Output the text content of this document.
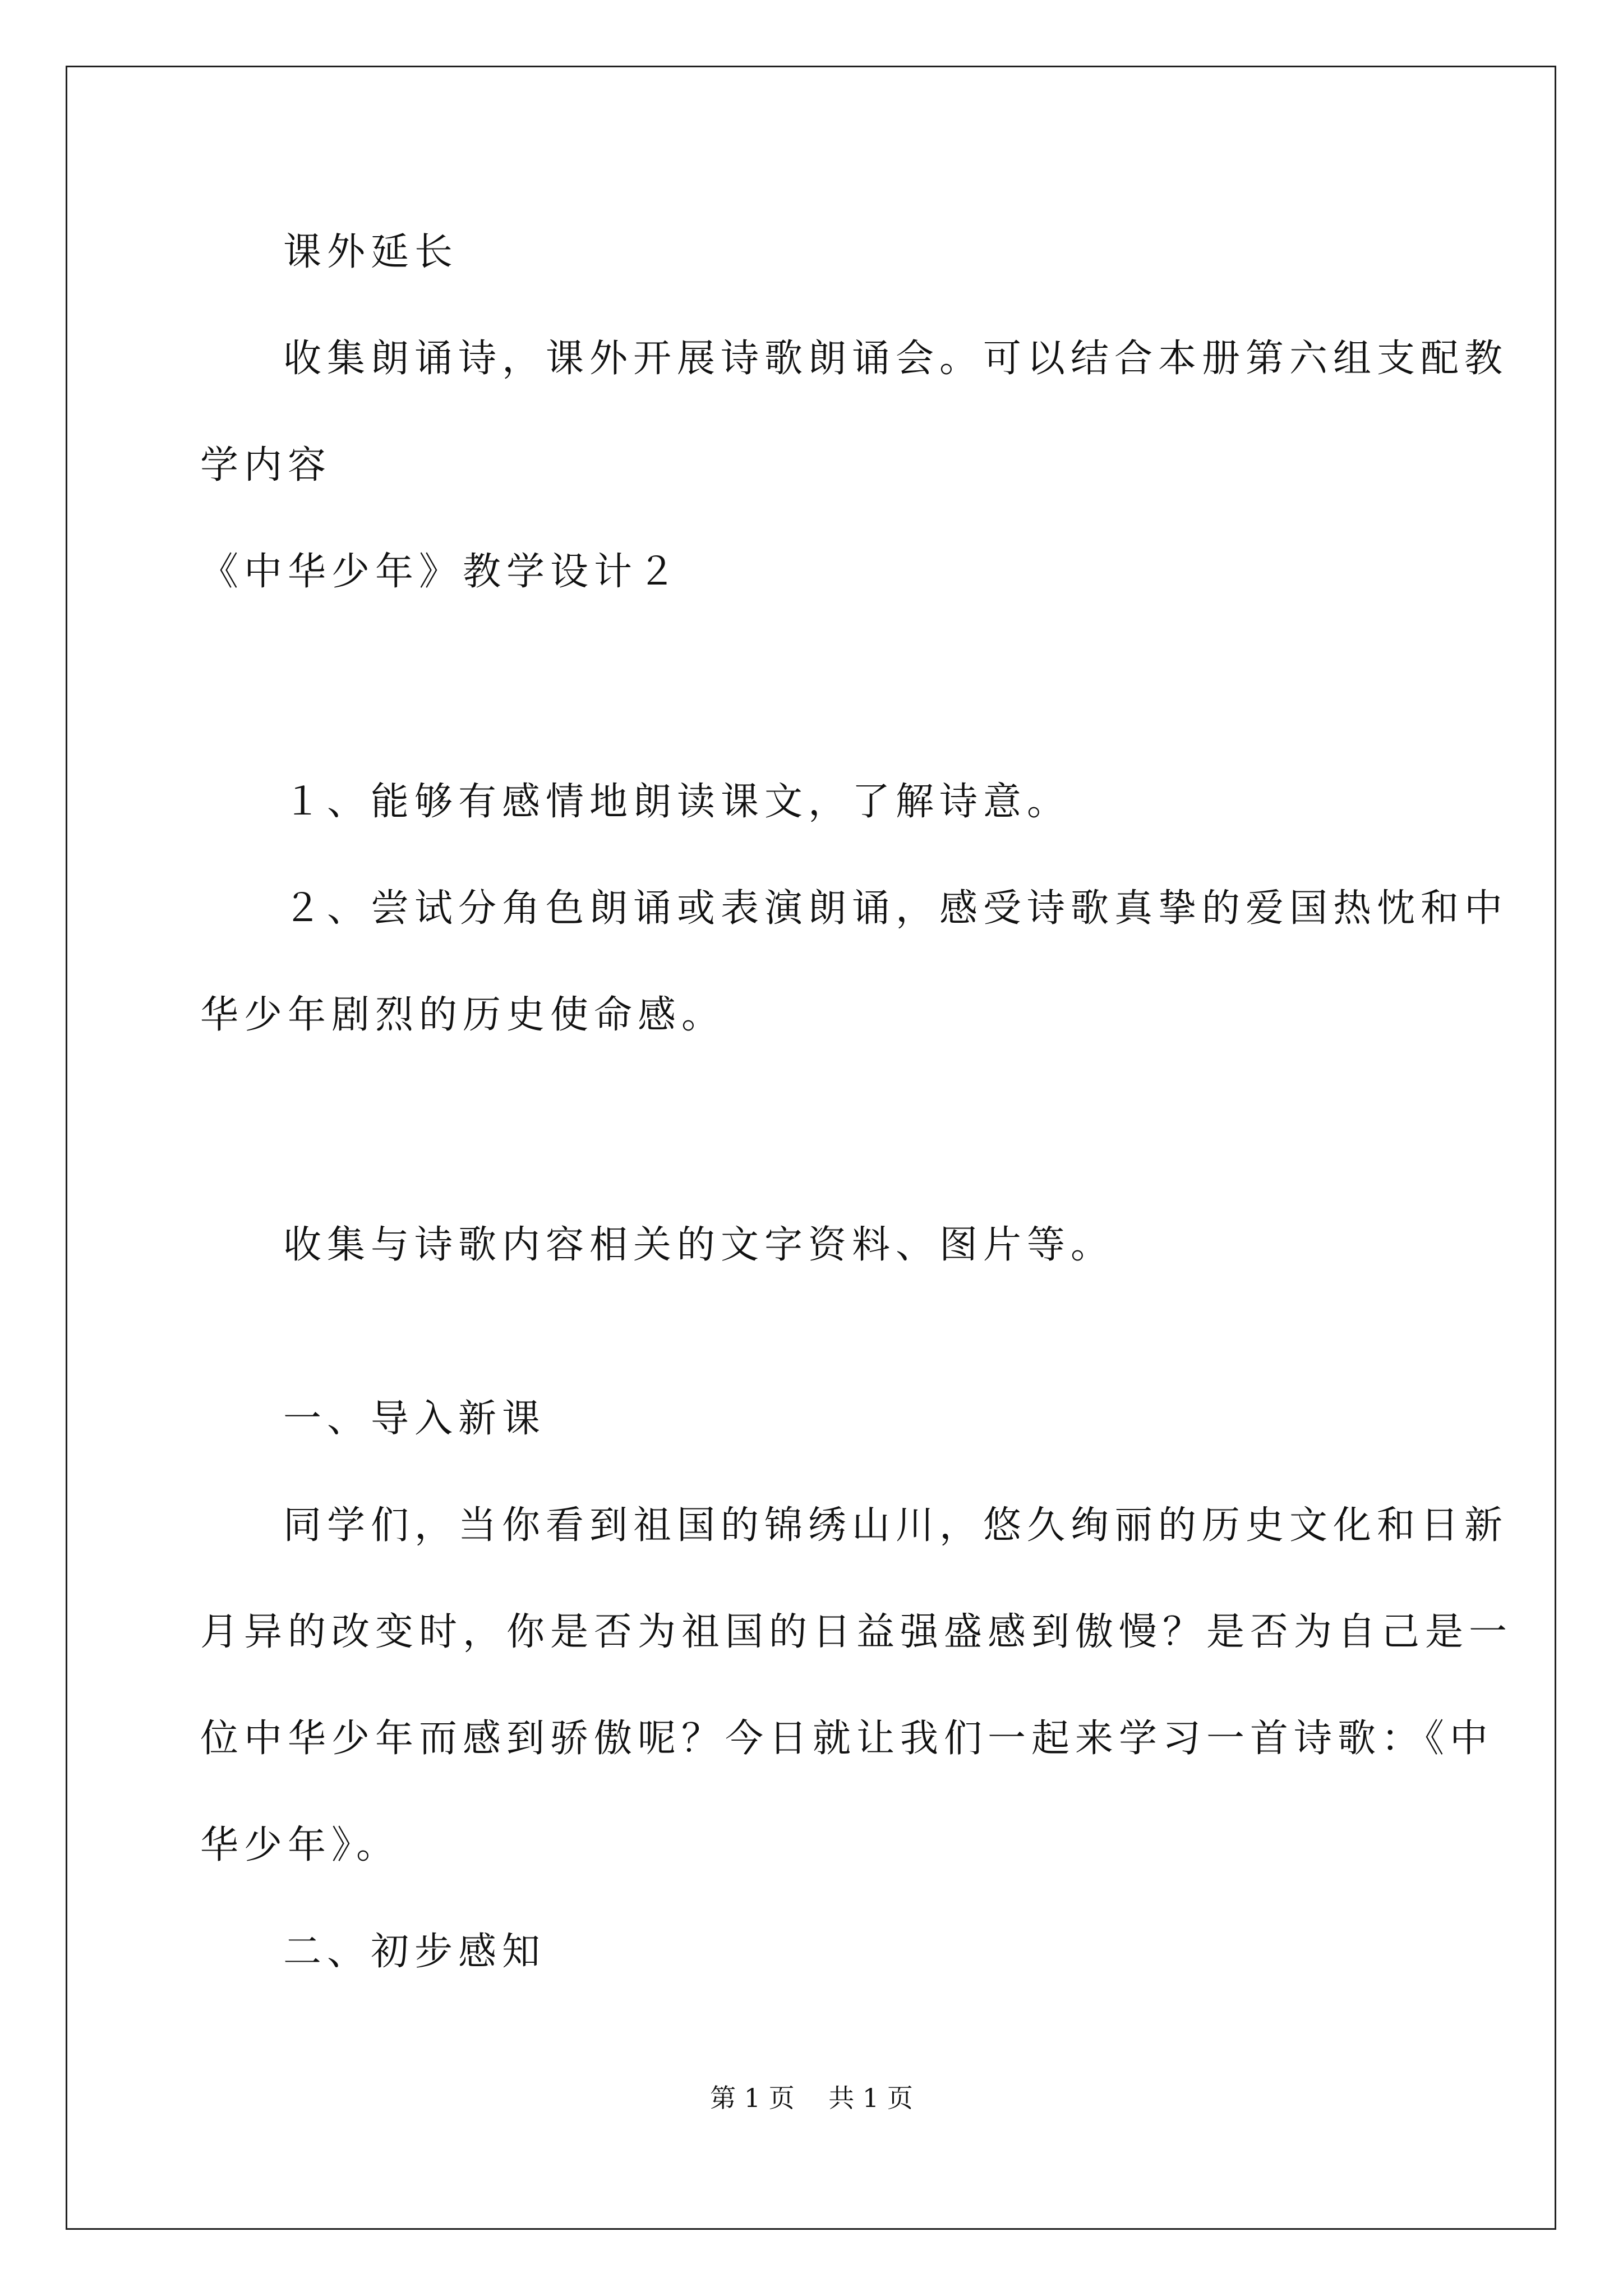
课外延长
收集朗诵诗，课外开展诗歌朗诵会。可以结合本册第六组支配教
学内容
《中华少年》教学设计２
１、能够有感情地朗读课文，了解诗意。
２、尝试分角色朗诵或表演朗诵，感受诗歌真挚的爱国热忱和中
华少年剧烈的历史使命感。
收集与诗歌内容相关的文字资料、图片等。
一、导入新课
同学们，当你看到祖国的锦绣山川，悠久绚丽的历史文化和日新
月异的改变时，你是否为祖国的日益强盛感到傲慢？是否为自己是一
位中华少年而感到骄傲呢？今日就让我们一起来学习一首诗歌：《中
华少年》。
二、初步感知
第 1 页　 共 1 页
